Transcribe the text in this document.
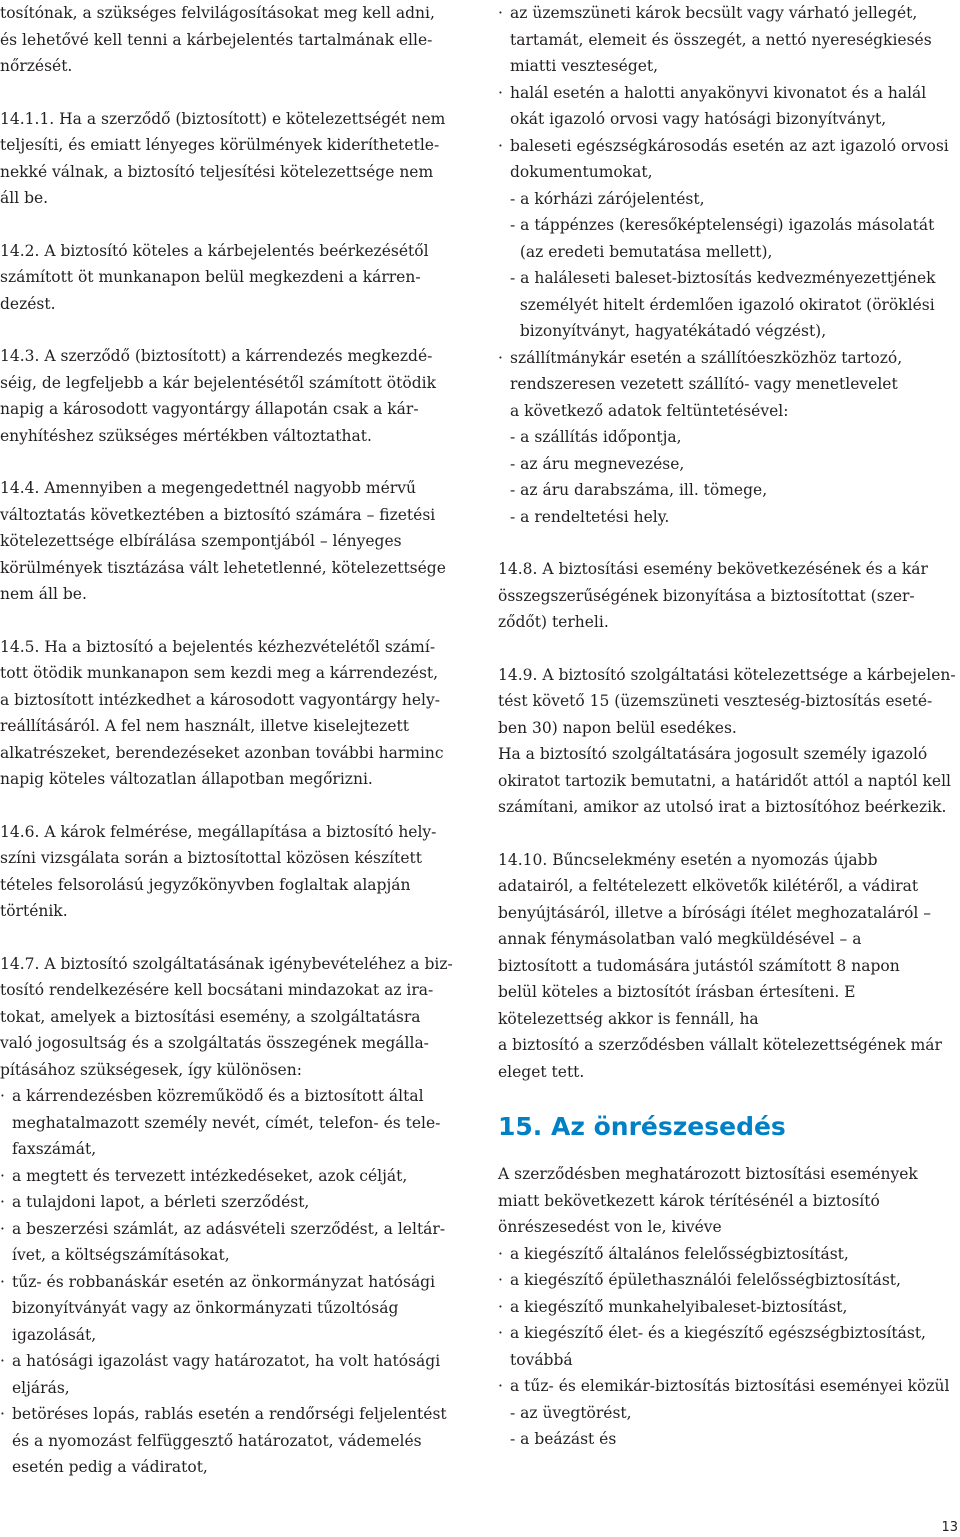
tosítónak, a szükséges felvilágosításokat meg kell adni,
és lehetővé kell tenni a kárbejelentés tartalmának elle-
nőrzését.
14.1.1. Ha a szerződő (biztosított) e kötelezettségét nem
teljesíti, és emiatt lényeges körülmények kideríthetetle-
nekké válnak, a biztosító teljesítési kötelezettsége nem
áll be.
14.2. A biztosító köteles a kárbejelentés beérkezésétől
számított öt munkanapon belül megkezdeni a kárren-
dezést.
14.3. A szerződő (biztosított) a kárrendezés megkezdé-
séig, de legfeljebb a kár bejelentésétől számított ötödik
napig a károsodott vagyontárgy állapotán csak a kár-
enyhítéshez szükséges mértékben változtathat.
14.4. Amennyiben a megengedettnél nagyobb mérvű
változtatás következtében a biztosító számára – fizetési
kötelezettsége elbírálása szempontjából – lényeges
körülmények tisztázása vált lehetetlenné, kötelezettsége
nem áll be.
14.5. Ha a biztosító a bejelentés kézhezvételétől számí-
tott ötödik munkanapon sem kezdi meg a kárrendezést,
a biztosított intézkedhet a károsodott vagyontárgy hely-
reállításáról. A fel nem használt, illetve kiselejtezett
alkatrészeket, berendezéseket azonban további harminc
napig köteles változatlan állapotban megőrizni.
14.6. A károk felmérése, megállapítása a biztosító hely-
színi vizsgálata során a biztosítottal közösen készített
tételes felsorolású jegyzőkönyvben foglaltak alapján
történik.
14.7. A biztosító szolgáltatásának igénybevételéhez a biz-
tosító rendelkezésére kell bocsátani mindazokat az ira-
tokat, amelyek a biztosítási esemény, a szolgáltatásra
való jogosultság és a szolgáltatás összegének megálla-
pításához szükségesek, így különösen:
· a kárrendezésben közreműködő és a biztosított által
meghatalmazott személy nevét, címét, telefon- és tele-
faxszámát,
· a megtett és tervezett intézkedéseket, azok célját,
· a tulajdoni lapot, a bérleti szerződést,
· a beszerzési számlát, az adásvételi szerződést, a leltár-
ívet, a költségszámításokat,
· tűz- és robbanáskár esetén az önkormányzat hatósági
bizonyítványát vagy az önkormányzati tűzoltóság
igazolását,
· a hatósági igazolást vagy határozatot, ha volt hatósági
eljárás,
· betöréses lopás, rablás esetén a rendőrségi feljelentést
és a nyomozást felfüggesztő határozatot, vádemelés
esetén pedig a vádiratot,
· az üzemszüneti károk becsült vagy várható jellegét,
tartamát, elemeit és összegét, a nettó nyereségkiesés
miatti veszteséget,
· halál esetén a halotti anyakönyvi kivonatot és a halál
okát igazoló orvosi vagy hatósági bizonyítványt,
· baleseti egészségkárosodás esetén az azt igazoló orvosi
dokumentumokat,
- a kórházi zárójelentést,
- a táppénzes (keresőképtelenségi) igazolás másolatát
(az eredeti bemutatása mellett),
- a haláleseti baleset-biztosítás kedvezményezettjének
személyét hitelt érdemlően igazoló okiratot (öröklési
bizonyítványt, hagyatékátadó végzést),
· szállítmánykár esetén a szállítóeszközhöz tartozó,
rendszeresen vezetett szállító- vagy menetlevelet
a következő adatok feltüntetésével:
- a szállítás időpontja,
- az áru megnevezése,
- az áru darabszáma, ill. tömege,
- a rendeltetési hely.
14.8. A biztosítási esemény bekövetkezésének és a kár
összegszerűségének bizonyítása a biztosítottat (szer-
ződőt) terheli.
14.9. A biztosító szolgáltatási kötelezettsége a kárbejelen-
tést követő 15 (üzemszüneti veszteség-biztosítás eseté-
ben 30) napon belül esedékes.
Ha a biztosító szolgáltatására jogosult személy igazoló
okiratot tartozik bemutatni, a határidőt attól a naptól kell
számítani, amikor az utolsó irat a biztosítóhoz beérkezik.
14.10. Bűncselekmény esetén a nyomozás újabb
adatairól, a feltételezett elkövetők kilétéről, a vádirat
benyújtásáról, illetve a bírósági ítélet meghozataláról –
annak fénymásolatban való megküldésével – a
biztosított a tudomására jutástól számított 8 napon
belül köteles a biztosítót írásban értesíteni. E
kötelezettség akkor is fennáll, ha
a biztosító a szerződésben vállalt kötelezettségének már
eleget tett.
15. Az önrészesedés
A szerződésben meghatározott biztosítási események
miatt bekövetkezett károk térítésénél a biztosító
önrészesedést von le, kivéve
· a kiegészítő általános felelősségbiztosítást,
· a kiegészítő épülethasználói felelősségbiztosítást,
· a kiegészítő munkahelyibaleset-biztosítást,
· a kiegészítő élet- és a kiegészítő egészségbiztosítást,
továbbá
· a tűz- és elemikár-biztosítás biztosítási eseményei közül
- az üvegtörést,
- a beázást és
13
